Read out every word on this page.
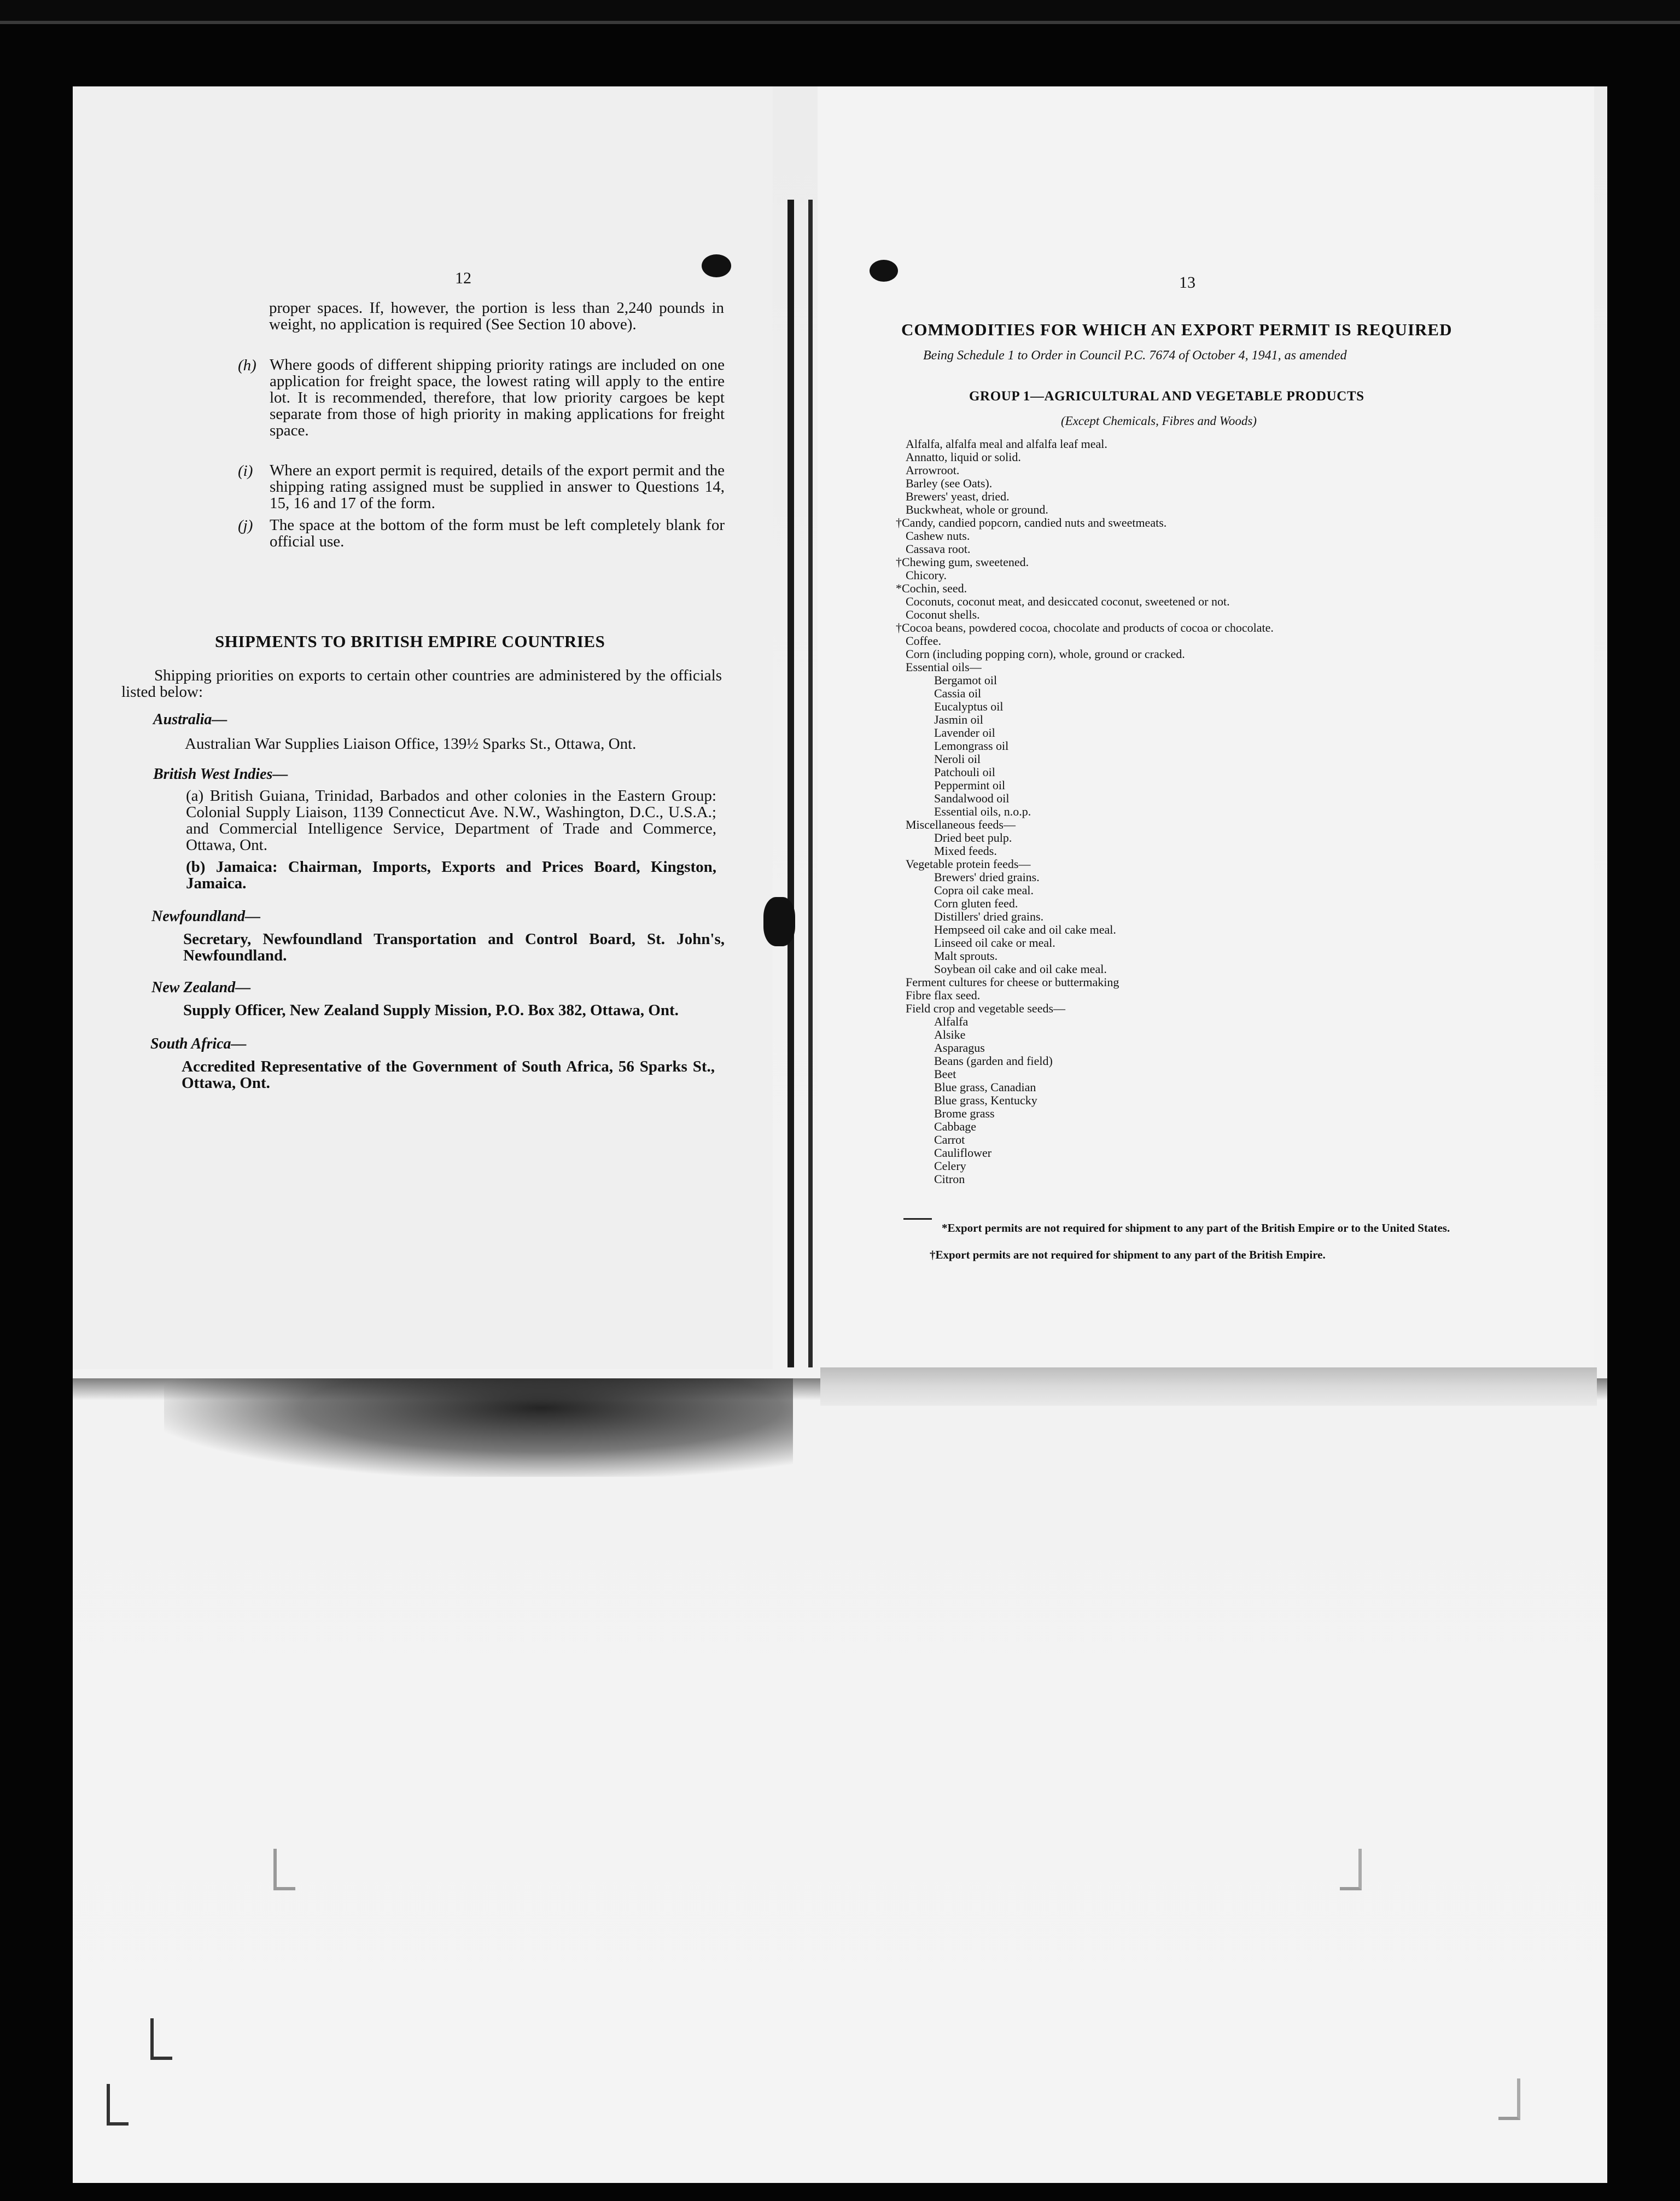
12
proper spaces. If, however, the portion is less than 2,240 pounds in weight, no application is required (See Section 10 above).
(h) Where goods of different shipping priority ratings are included on one application for freight space, the lowest rating will apply to the entire lot. It is recommended, therefore, that low priority cargoes be kept separate from those of high priority in making applications for freight space.
(i)	Where an export permit is required, details of the export permit and the shipping rating assigned must be supplied in answer to Questions 14, 15, 16 and 17 of the form.
(j)	The space at the bottom of the form must be left completely blank for official use.
SHIPMENTS TO BRITISH EMPIRE COUNTRIES
Shipping priorities on exports to certain other countries are administered by the officials listed below:
Australia—
Australian War Supplies Liaison Office, 139½ Sparks St., Ottawa, Ont.
British West Indies—
(a) British Guiana, Trinidad, Barbados and other colonies in the Eastern Group: Colonial Supply Liaison, 1139 Connecticut Ave. N.W., Washington, D.C., U.S.A.; and Commercial Intelligence Service, Department of Trade and Commerce, Ottawa, Ont.
(b) Jamaica: Chairman, Imports, Exports and Prices Board, Kingston, Jamaica.
Newfoundland—
Secretary, Newfoundland Transportation and Control Board, St. John's, Newfoundland.
New Zealand—
Supply Officer, New Zealand Supply Mission, P.O. Box 382, Ottawa, Ont.
South Africa—
Accredited Representative of the Government of South Africa, 56 Sparks St., Ottawa, Ont.
13
COMMODITIES FOR WHICH AN EXPORT PERMIT IS REQUIRED
Being Schedule 1 to Order in Council P.C. 7674 of October 4, 1941, as amended
GROUP 1—AGRICULTURAL AND VEGETABLE PRODUCTS
(Except Chemicals, Fibres and Woods)
Alfalfa, alfalfa meal and alfalfa leaf meal.
Annatto, liquid or solid.
Arrowroot.
Barley (see Oats).
Brewers' yeast, dried.
Buckwheat, whole or ground.
†Candy, candied popcorn, candied nuts and sweetmeats.
Cashew nuts.
Cassava root.
†Chewing gum, sweetened.
Chicory.
*Cochin, seed.
Coconuts, coconut meat, and desiccated coconut, sweetened or not.
Coconut shells.
†Cocoa beans, powdered cocoa, chocolate and products of cocoa or chocolate.
Coffee.
Corn (including popping corn), whole, ground or cracked.
Essential oils—
Bergamot oil
Cassia oil
Eucalyptus oil
Jasmin oil
Lavender oil
Lemongrass oil
Neroli oil
Patchouli oil
Peppermint oil
Sandalwood oil
Essential oils, n.o.p.
Miscellaneous feeds—
Dried beet pulp.
Mixed feeds.
Vegetable protein feeds—
Brewers' dried grains.
Copra oil cake meal.
Corn gluten feed.
Distillers' dried grains.
Hempseed oil cake and oil cake meal.
Linseed oil cake or meal.
Malt sprouts.
Soybean oil cake and oil cake meal.
Ferment cultures for cheese or buttermaking
Fibre flax seed.
Field crop and vegetable seeds—
Alfalfa
Alsike
Asparagus
Beans (garden and field)
Beet
Blue grass, Canadian
Blue grass, Kentucky
Brome grass
Cabbage
Carrot
Cauliflower
Celery
Citron
*Export permits are not required for shipment to any part of the British Empire or to the United States.
†Export permits are not required for shipment to any part of the British Empire.
